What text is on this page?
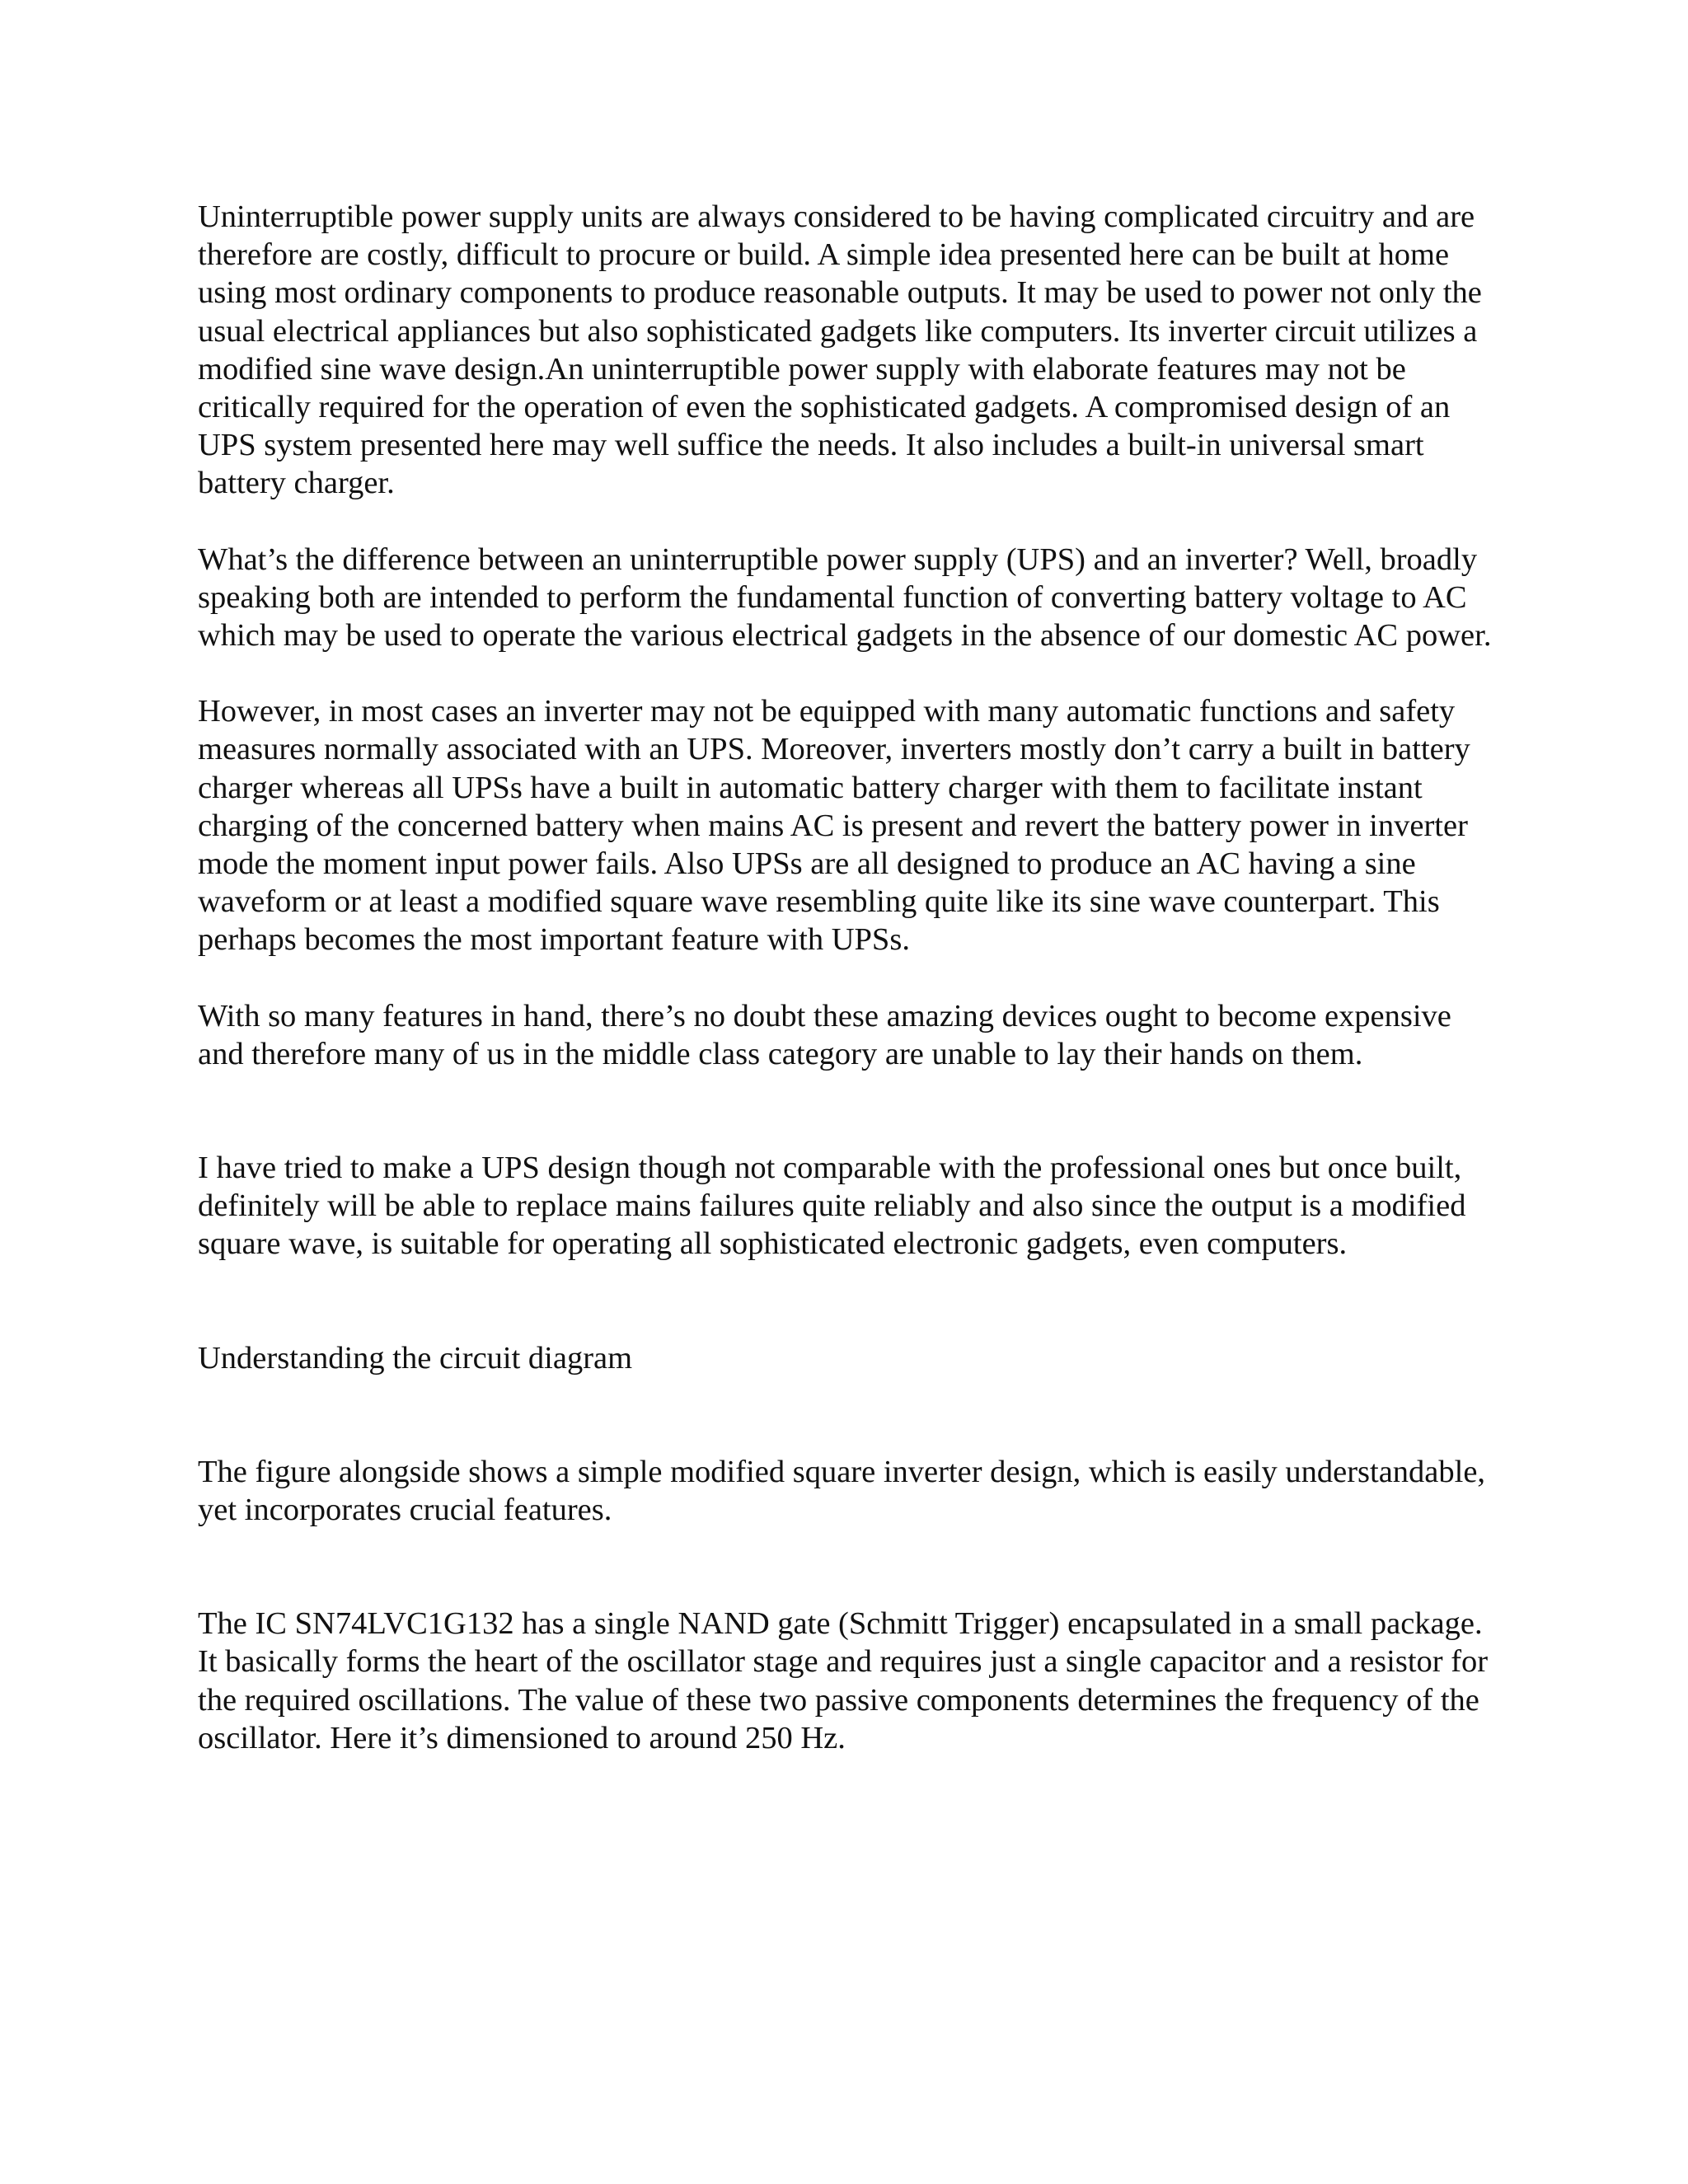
Uninterruptible power supply units are always considered to be having complicated circuitry and are therefore are costly, difficult to procure or build. A simple idea presented here can be built at home using most ordinary components to produce reasonable outputs. It may be used to power not only the usual electrical appliances but also sophisticated gadgets like computers. Its inverter circuit utilizes a modified sine wave design.An uninterruptible power supply with elaborate features may not be critically required for the operation of even the sophisticated gadgets. A compromised design of an UPS system presented here may well suffice the needs. It also includes a built-in universal smart battery charger.

What’s the difference between an uninterruptible power supply (UPS) and an inverter? Well, broadly speaking both are intended to perform the fundamental function of converting battery voltage to AC which may be used to operate the various electrical gadgets in the absence of our domestic AC power.

However, in most cases an inverter may not be equipped with many automatic functions and safety measures normally associated with an UPS. Moreover, inverters mostly don’t carry a built in battery charger whereas all UPSs have a built in automatic battery charger with them to facilitate instant charging of the concerned battery when mains AC is present and revert the battery power in inverter mode the moment input power fails. Also UPSs are all designed to produce an AC having a sine waveform or at least a modified square wave resembling quite like its sine wave counterpart. This perhaps becomes the most important feature with UPSs.

With so many features in hand, there’s no doubt these amazing devices ought to become expensive and therefore many of us in the middle class category are unable to lay their hands on them.

I have tried to make a UPS design though not comparable with the professional ones but once built, definitely will be able to replace mains failures quite reliably and also since the output is a modified square wave, is suitable for operating all sophisticated electronic gadgets, even computers.

Understanding the circuit diagram

The figure alongside shows a simple modified square inverter design, which is easily understandable, yet incorporates crucial features.

The IC SN74LVC1G132 has a single NAND gate (Schmitt Trigger) encapsulated in a small package. It basically forms the heart of the oscillator stage and requires just a single capacitor and a resistor for the required oscillations. The value of these two passive components determines the frequency of the oscillator. Here it’s dimensioned to around 250 Hz.
